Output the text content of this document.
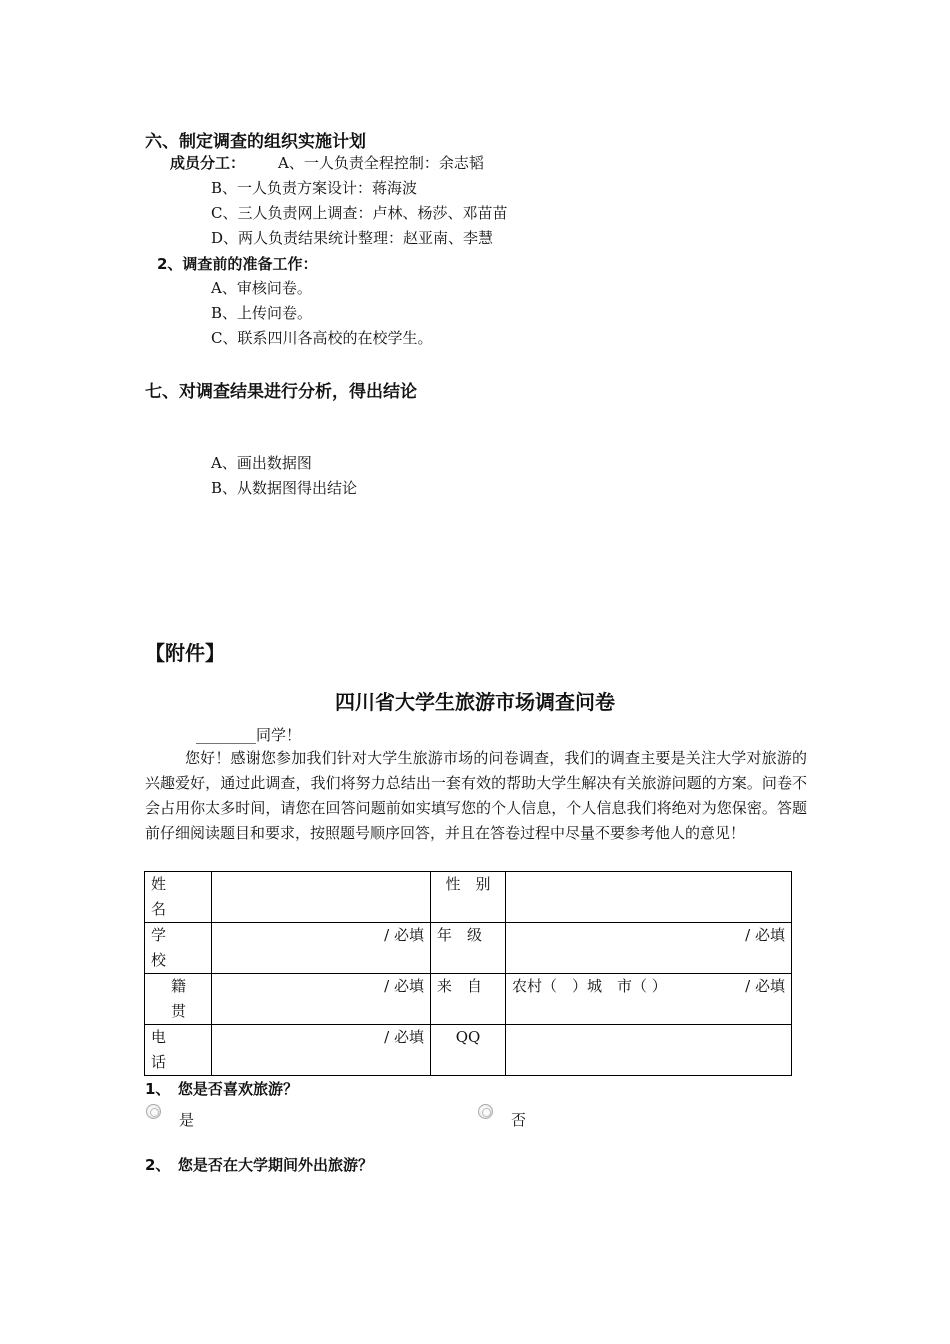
六、制定调查的组织实施计划
成员分工： A、一人负责全程控制：余志韬
B、一人负责方案设计：蒋海波
C、三人负责网上调查：卢林、杨莎、邓苗苗
D、两人负责结果统计整理：赵亚南、李慧
2、调查前的准备工作：
A、审核问卷。
B、上传问卷。
C、联系四川各高校的在校学生。
七、对调查结果进行分析，得出结论
A、画出数据图
B、从数据图得出结论
【附件】
四川省大学生旅游市场调查问卷
________同学！
您好！感谢您参加我们针对大学生旅游市场的问卷调查，我们的调查主要是关注大学对旅游的兴趣爱好，通过此调查，我们将努力总结出一套有效的帮助大学生解决有关旅游问题的方案。问卷不会占用你太多时间，请您在回答问题前如实填写您的个人信息，个人信息我们将绝对为您保密。答题前仔细阅读题目和要求，按照题号顺序回答，并且在答卷过程中尽量不要参考他人的意见！
姓名		性　别	

学校	/ 必填	年　级	/ 必填

籍贯	/ 必填	来　自	农村（　）城　市（ ） / 必填

电话	/ 必填	QQ	
1、　您是否喜欢旅游？
是	否
2、　您是否在大学期间外出旅游？
